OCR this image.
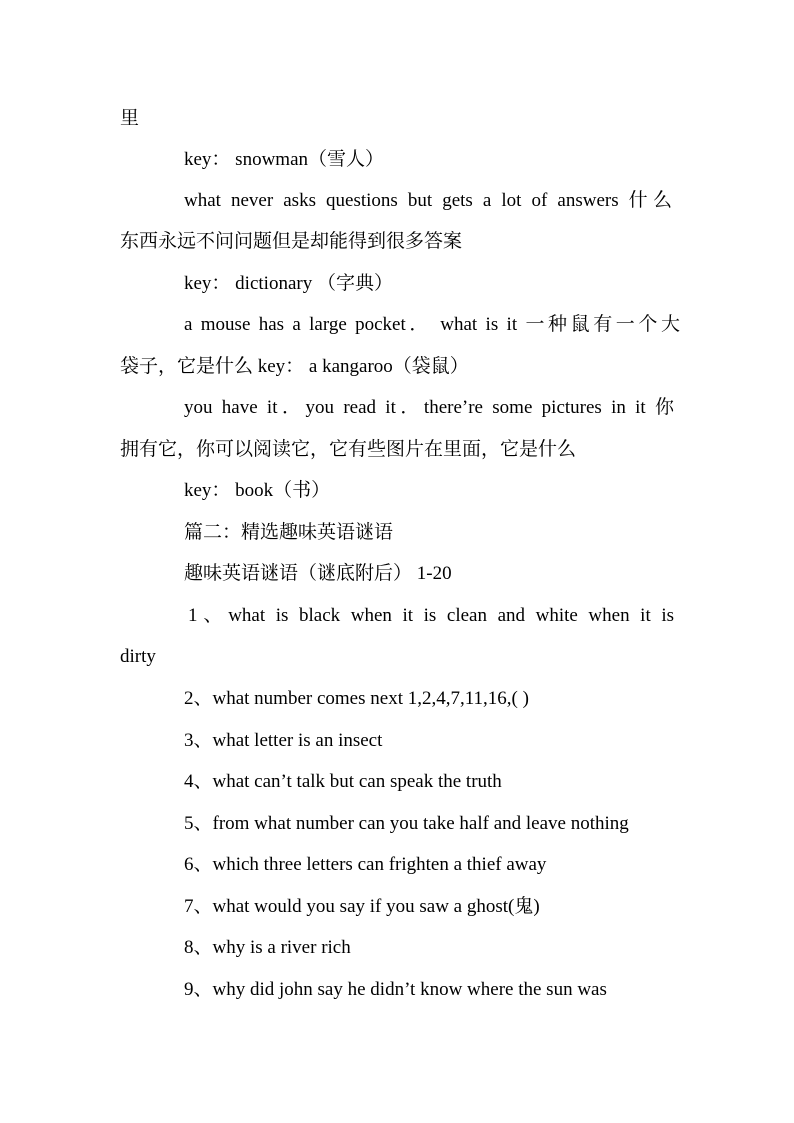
里
key： snowman（雪人）
what never asks questions but gets a lot of answers 什么
东西永远不问问题但是却能得到很多答案
key： dictionary （字典）
a mouse has a large pocket． what is it 一种鼠有一个大
袋子，它是什么 key： a kangaroo（袋鼠）
you have it．you read it．there’re some pictures in it 你
拥有它，你可以阅读它，它有些图片在里面，它是什么
key： book（书）
篇二：精选趣味英语谜语
趣味英语谜语（谜底附后） 1-20
1、what is black when it is clean and white when it is
dirty
2、what number comes next 1,2,4,7,11,16,( )
3、what letter is an insect
4、what can’t talk but can speak the truth
5、from what number can you take half and leave nothing
6、which three letters can frighten a thief away
7、what would you say if you saw a ghost(鬼)
8、why is a river rich
9、why did john say he didn’t know where the sun was
